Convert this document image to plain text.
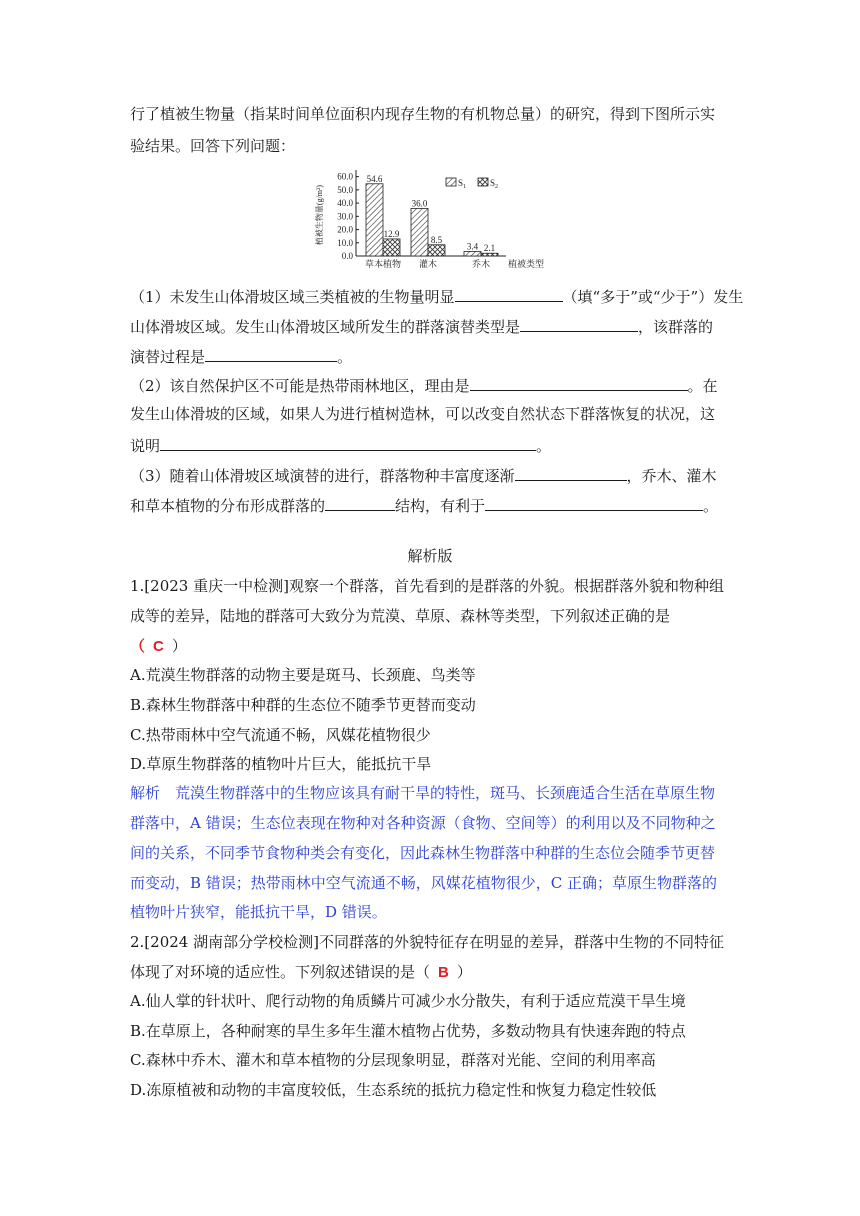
行了植被生物量（指某时间单位面积内现存生物的有机物总量）的研究，得到下图所示实
验结果。回答下列问题：
0.0
10.0
20.0
30.0
40.0
50.0
60.0
植被生物量(g/m²)
54.6
12.9
草本植物
36.0
8.5
灌木
3.4 2.1
乔木 植被类型
$S_1$	$S_2$
（1）未发生山体滑坡区域三类植被的生物量明显	（填“多于”或“少于”）发生
山体滑坡区域。发生山体滑坡区域所发生的群落演替类型是	，该群落的
演替过程是	。
（2）该自然保护区不可能是热带雨林地区，理由是	。在
发生山体滑坡的区域，如果人为进行植树造林，可以改变自然状态下群落恢复的状况，这
说明	。
（3）随着山体滑坡区域演替的进行，群落物种丰富度逐渐	，乔木、灌木
和草本植物的分布形成群落的	结构，有利于	。
解析版
1.[2023 重庆一中检测]观察一个群落，首先看到的是群落的外貌。根据群落外貌和物种组
成等的差异，陆地的群落可大致分为荒漠、草原、森林等类型，下列叙述正确的是
（ C ）
A.荒漠生物群落的动物主要是斑马、长颈鹿、鸟类等
B.森林生物群落中种群的生态位不随季节更替而变动
C.热带雨林中空气流通不畅，风媒花植物很少
D.草原生物群落的植物叶片巨大，能抵抗干旱
解析　荒漠生物群落中的生物应该具有耐干旱的特性，斑马、长颈鹿适合生活在草原生物
群落中，A 错误；生态位表现在物种对各种资源（食物、空间等）的利用以及不同物种之
间的关系，不同季节食物种类会有变化，因此森林生物群落中种群的生态位会随季节更替
而变动，B 错误；热带雨林中空气流通不畅，风媒花植物很少，C 正确；草原生物群落的
植物叶片狭窄，能抵抗干旱，D 错误。
2.[2024 湖南部分学校检测]不同群落的外貌特征存在明显的差异，群落中生物的不同特征
体现了对环境的适应性。下列叙述错误的是（ B ）
A.仙人掌的针状叶、爬行动物的角质鳞片可减少水分散失，有利于适应荒漠干旱生境
B.在草原上，各种耐寒的旱生多年生灌木植物占优势，多数动物具有快速奔跑的特点
C.森林中乔木、灌木和草本植物的分层现象明显，群落对光能、空间的利用率高
D.冻原植被和动物的丰富度较低，生态系统的抵抗力稳定性和恢复力稳定性较低
